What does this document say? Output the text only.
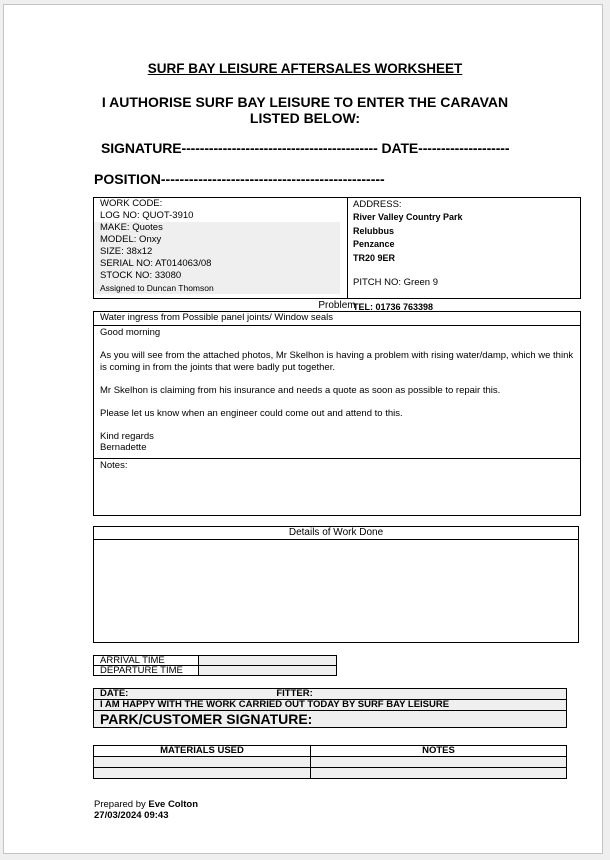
SURF BAY LEISURE AFTERSALES WORKSHEET
I AUTHORISE SURF BAY LEISURE TO ENTER THE CARAVAN
LISTED BELOW:
SIGNATURE------------------------------------------- DATE--------------------
POSITION------------------------------------------------
WORK CODE:
LOG NO: QUOT-3910
MAKE: Quotes
MODEL: Onxy
SIZE: 38x12
SERIAL NO: AT014063/08
STOCK NO: 33080
Assigned to Duncan Thomson
ADDRESS:
River Valley Country Park
Relubbus
Penzance
TR20 9ER
PITCH NO: Green 9
TEL: 01736 763398
Problem
Water ingress from Possible panel joints/ Window seals

Good morning

As you will see from the attached photos, Mr Skelhon is having a problem with rising water/damp, which we think is coming in from the joints that were badly put together.

Mr Skelhon is claiming from his insurance and needs a quote as soon as possible to repair this.

Please let us know when an engineer could come out and attend to this.

Kind regards
Bernadette
Notes:
Details of Work Done
ARRIVAL TIME	
DEPARTURE TIME	
DATE:	FITTER:
I AM HAPPY WITH THE WORK CARRIED OUT TODAY BY SURF BAY LEISURE
PARK/CUSTOMER SIGNATURE:
MATERIALS USED	NOTES

Prepared by Eve Colton
27/03/2024 09:43
